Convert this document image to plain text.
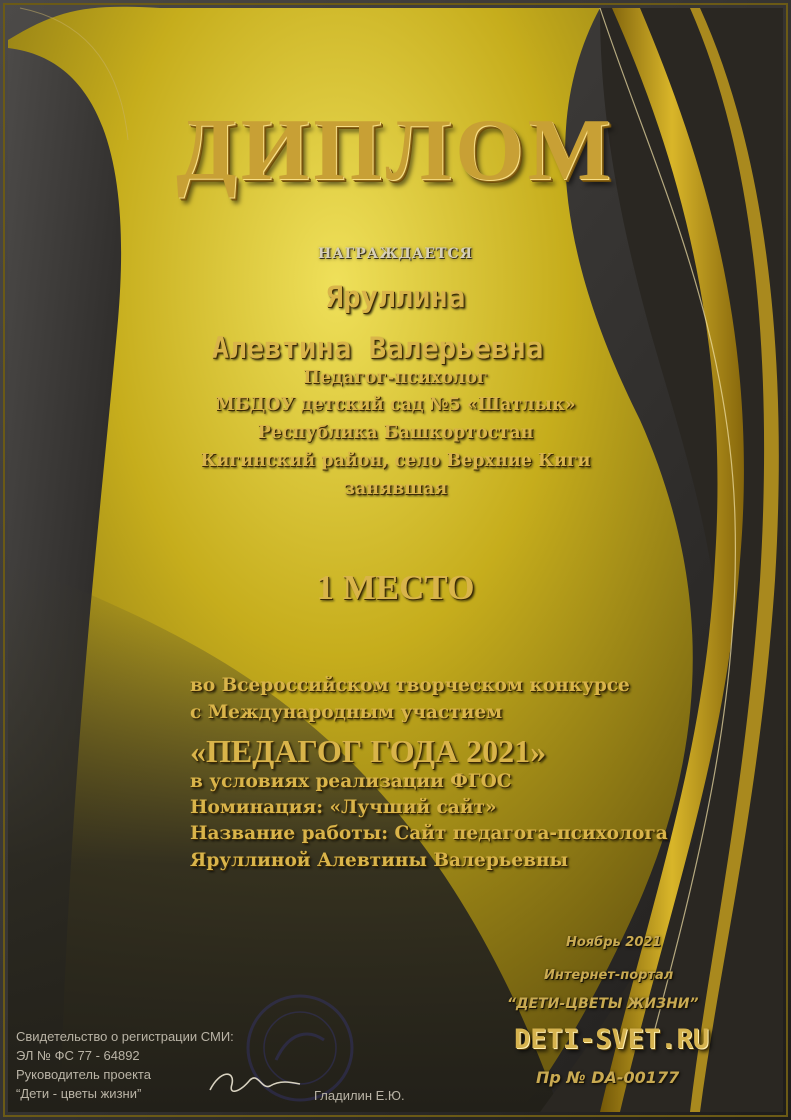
ДИПЛОМ
НАГРАЖДАЕТСЯ
Яруллина
Алевтина Валерьевна
Педагог-психолог
МБДОУ детский сад №5 «Шатлык»
Республика Башкортостан
Кигинский район, село Верхние Киги
занявшая
1 МЕСТО
во Всероссийском творческом конкурсе
с Международным участием
«ПЕДАГОГ ГОДА 2021»
в условиях реализации ФГОС
Номинация: «Лучший сайт»
Название работы: Сайт педагога-психолога
Яруллиной Алевтины Валерьевны
Ноябрь 2021
Интернет-портал
“ДЕТИ-ЦВЕТЫ ЖИЗНИ”
DETI-SVET.RU
Пр № DA-00177
Свидетельство о регистрации СМИ:
ЭЛ № ФС 77 - 64892
Руководитель проекта
“Дети - цветы жизни”	Гладилин Е.Ю.
